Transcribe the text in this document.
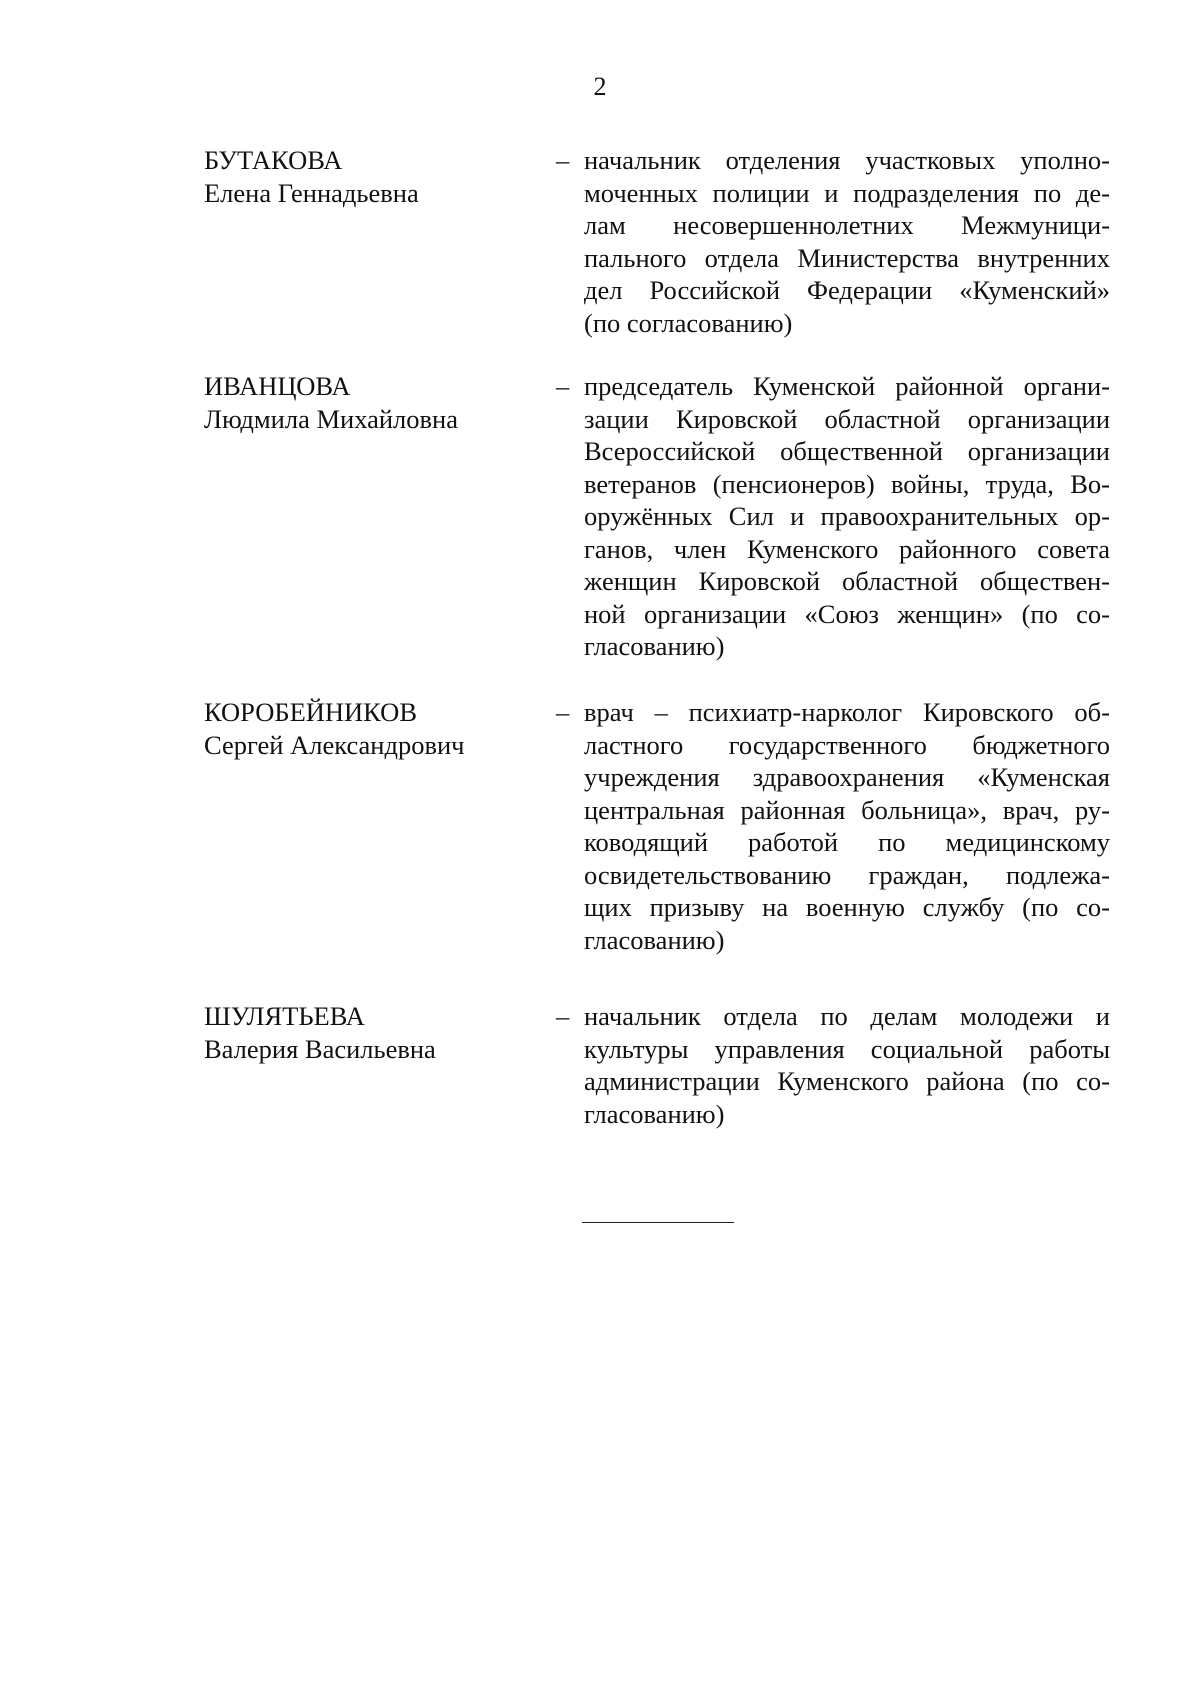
2
БУТАКОВА
Елена Геннадьевна
– начальник отделения участковых уполно-
моченных полиции и подразделения по де-
лам несовершеннолетних Межмуници-
пального отдела Министерства внутренних
дел Российской Федерации «Куменский»
(по согласованию)
ИВАНЦОВА
Людмила Михайловна
– председатель Куменской районной органи-
зации Кировской областной организации
Всероссийской общественной организации
ветеранов (пенсионеров) войны, труда, Во-
оружённых Сил и правоохранительных ор-
ганов, член Куменского районного совета
женщин Кировской областной обществен-
ной организации «Союз женщин» (по со-
гласованию)
КОРОБЕЙНИКОВ
Сергей Александрович
– врач – психиатр-нарколог Кировского об-
ластного государственного бюджетного
учреждения здравоохранения «Куменская
центральная районная больница», врач, ру-
ководящий работой по медицинскому
освидетельствованию граждан, подлежа-
щих призыву на военную службу (по со-
гласованию)
ШУЛЯТЬЕВА
Валерия Васильевна
– начальник отдела по делам молодежи и
культуры управления социальной работы
администрации Куменского района (по со-
гласованию)
